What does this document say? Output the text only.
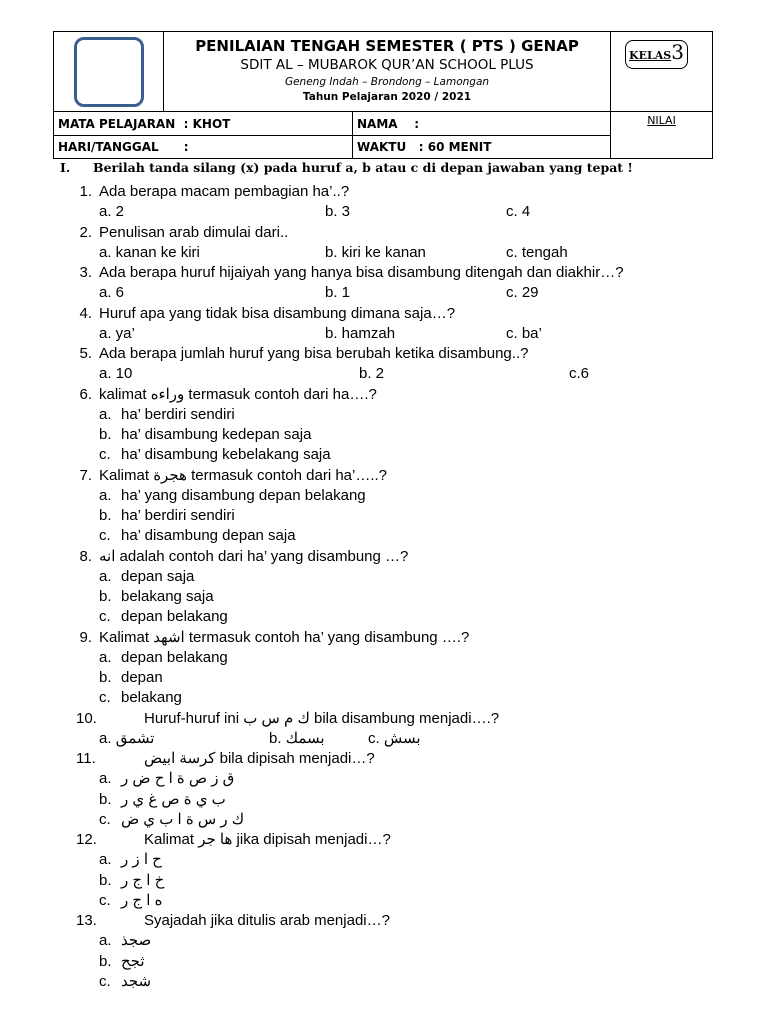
	PENILAIAN TENGAH SEMESTER ( PTS ) GENAP
SDIT AL – MUBAROK QUR’AN SCHOOL PLUS
Geneng Indah – Brondong – Lamongan
Tahun Pelajaran 2020 / 2021		KELAS3

MATA PELAJARAN  : KHOT		NAMA    :	NILAI

HARI/TANGGAL      :		WAKTU   : 60 MENIT	
I. Berilah tanda silang (x) pada huruf a, b atau c di depan jawaban yang tepat !
1. Ada berapa macam pembagian ha’..?
a. 2	b. 3	c. 4
2. Penulisan arab dimulai dari..
a. kanan ke kiri	b. kiri ke kanan	c. tengah
3. Ada berapa huruf hijaiyah yang hanya bisa disambung ditengah dan diakhir…?
a. 6	b. 1	c. 29
4. Huruf apa yang tidak bisa disambung dimana saja…?
a. ya’	b. hamzah	c. ba’
5. Ada berapa jumlah huruf yang bisa berubah ketika disambung..?
a. 10	b. 2	c.6
6. kalimat وراءه termasuk contoh dari ha….?
a. ha’ berdiri sendiri
b. ha’ disambung kedepan saja
c. ha’ disambung kebelakang saja
7. Kalimat هجرة termasuk contoh dari ha’…..?
a. ha’ yang disambung depan belakang
b. ha’ berdiri sendiri
c. ha’ disambung depan saja
8. انه adalah contoh dari ha’ yang disambung …?
a. depan saja
b. belakang saja
c. depan belakang
9. Kalimat اشهد termasuk contoh ha’ yang disambung ….?
a. depan belakang
b. depan
c. belakang
10.	Huruf-huruf ini ك م س ب bila disambung menjadi….?
a. تشمق	b. بسمك	c. بسش
11.	كرسة ابيض bila dipisah menjadi…?
a. ق ز ص ة ا ح ض ر
b. ب ي ة ص غ ي ر
c. ك ر س ة ا ب ي ض
12.	Kalimat ها جر jika dipisah menjadi…?
a. ح ا ز ر
b. خ ا ج ر
c. ه ا ج ر
13.	Syajadah jika ditulis arab menjadi…?
a. صجذ
b. ثجح
c. شجد
